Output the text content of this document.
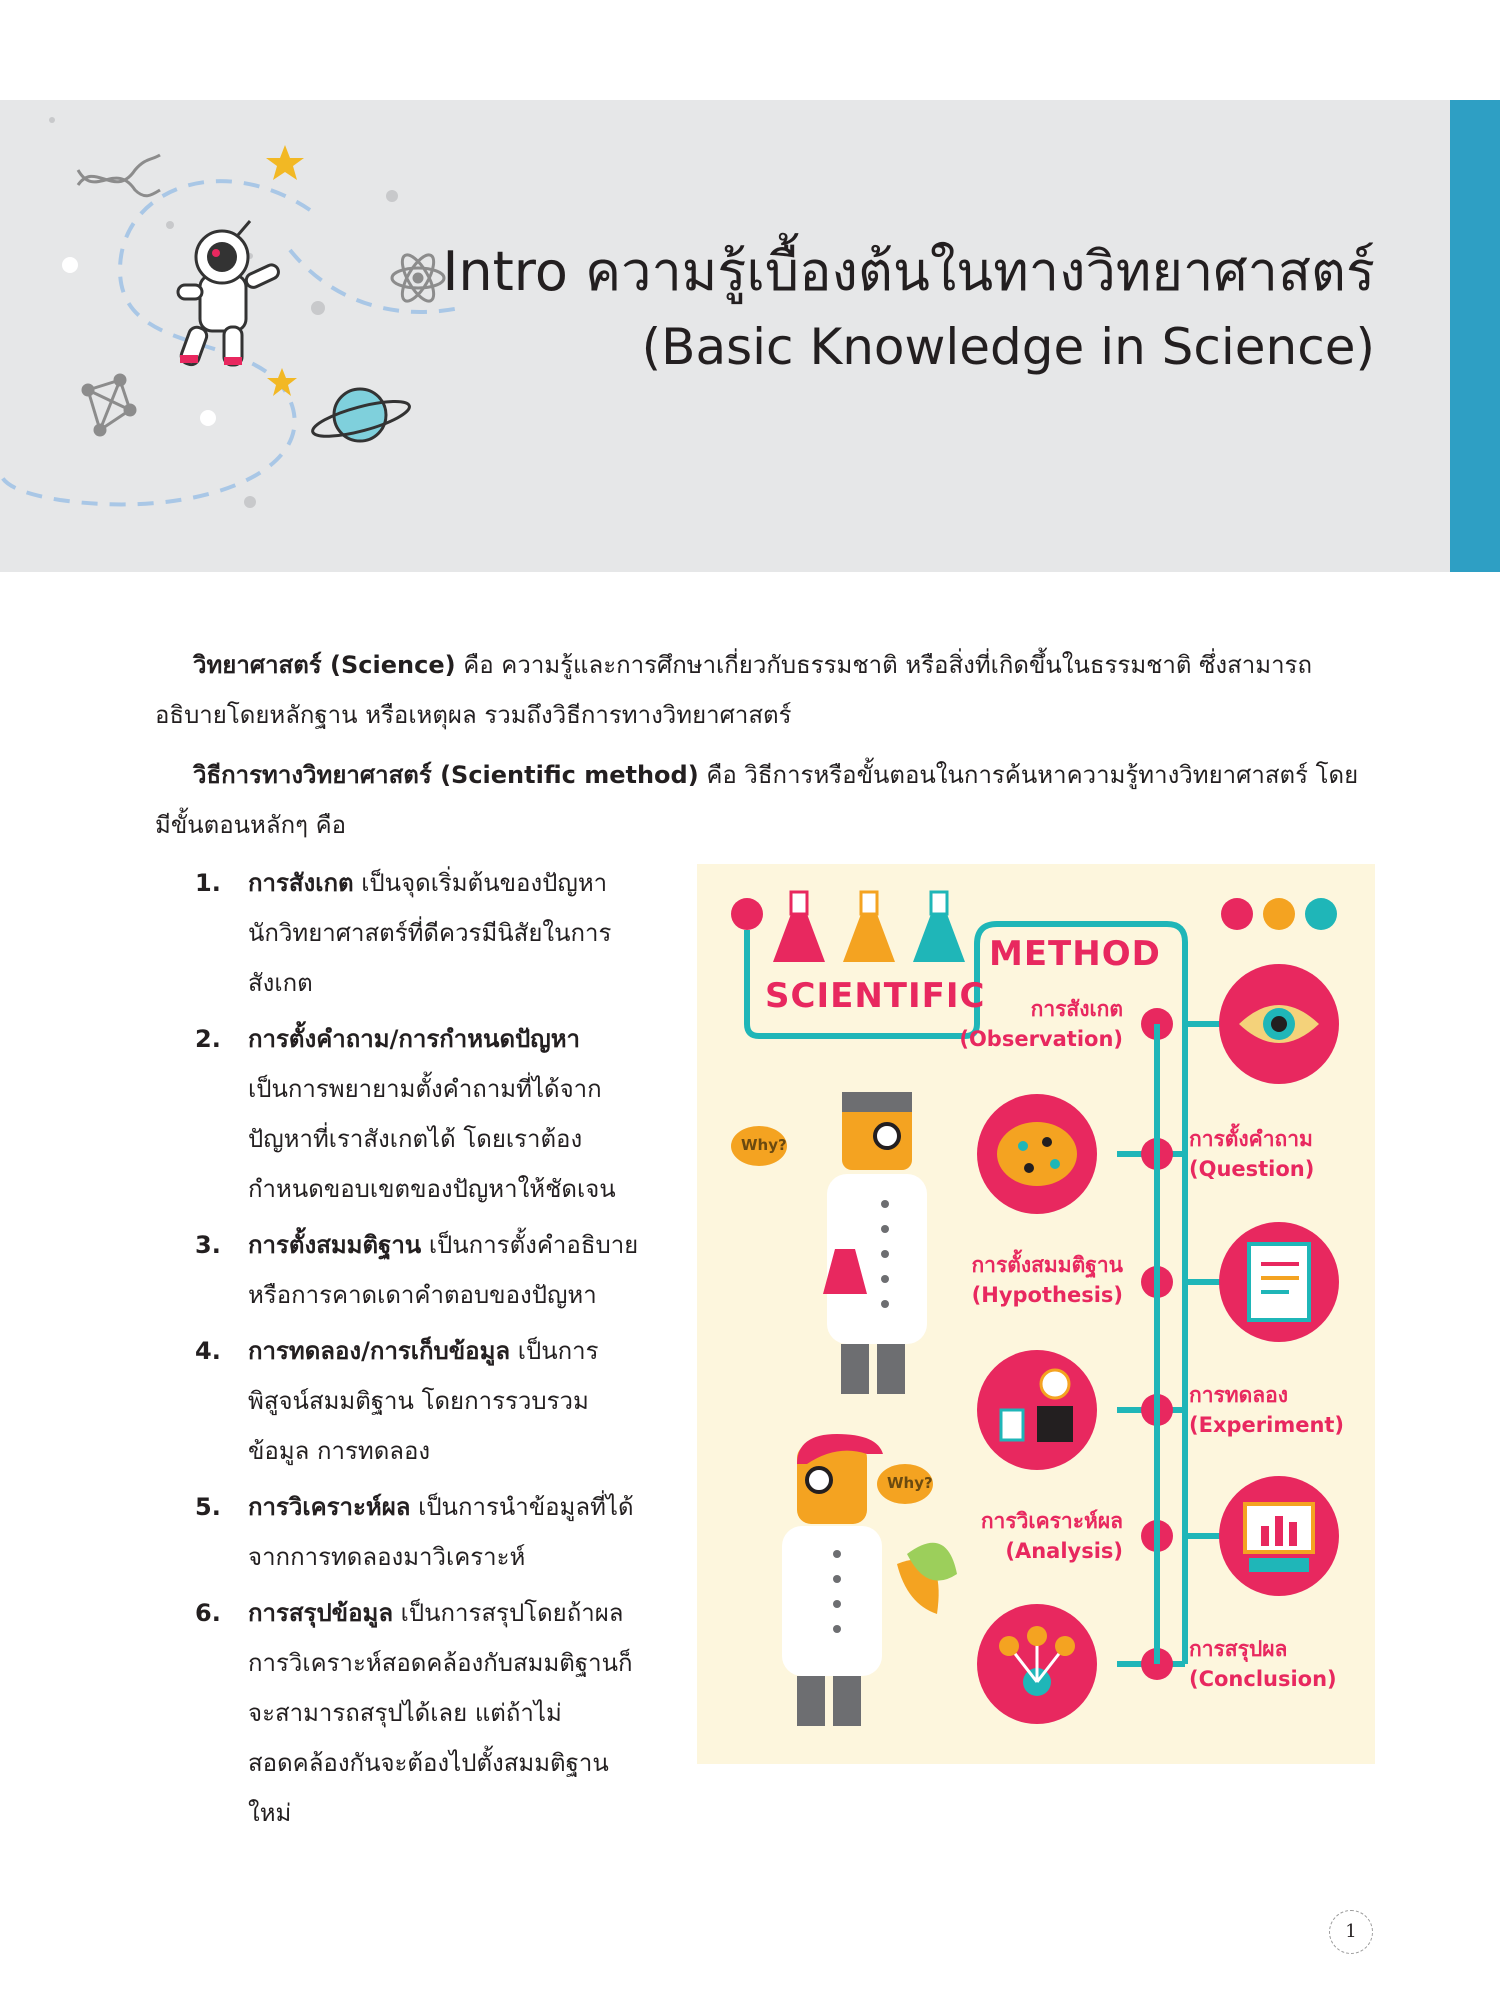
Intro ความรู้เบื้องต้นในทางวิทยาศาสตร์
(Basic Knowledge in Science)
วิทยาศาสตร์ (Science) คือ ความรู้และการศึกษาเกี่ยวกับธรรมชาติ หรือสิ่งที่เกิดขึ้นในธรรมชาติ ซึ่งสามารถ
อธิบายโดยหลักฐาน หรือเหตุผล รวมถึงวิธีการทางวิทยาศาสตร์
วิธีการทางวิทยาศาสตร์ (Scientific method) คือ วิธีการหรือขั้นตอนในการค้นหาความรู้ทางวิทยาศาสตร์ โดย
มีขั้นตอนหลักๆ คือ
1. การสังเกต เป็นจุดเริ่มต้นของปัญหา นักวิทยาศาสตร์ที่ดีควรมีนิสัยในการสังเกต
2. การตั้งคำถาม/การกำหนดปัญหา เป็นการพยายามตั้งคำถามที่ได้จากปัญหาที่เราสังเกตได้ โดยเราต้องกำหนดขอบเขตของปัญหาให้ชัดเจน
3. การตั้งสมมติฐาน เป็นการตั้งคำอธิบายหรือการคาดเดาคำตอบของปัญหา
4. การทดลอง/การเก็บข้อมูล เป็นการพิสูจน์สมมติฐาน โดยการรวบรวมข้อมูล การทดลอง
5. การวิเคราะห์ผล เป็นการนำข้อมูลที่ได้จากการทดลองมาวิเคราะห์
6. การสรุปข้อมูล เป็นการสรุปโดยถ้าผลการวิเคราะห์สอดคล้องกับสมมติฐานก็จะสามารถสรุปได้เลย แต่ถ้าไม่สอดคล้องกันจะต้องไปตั้งสมมติฐานใหม่
SCIENTIFIC
METHOD
Why?
Why?
การสังเกต
(Observation)
การตั้งคำถาม
(Question)
การตั้งสมมติฐาน
(Hypothesis)
การทดลอง
(Experiment)
การวิเคราะห์ผล
(Analysis)
การสรุปผล
(Conclusion)
1
